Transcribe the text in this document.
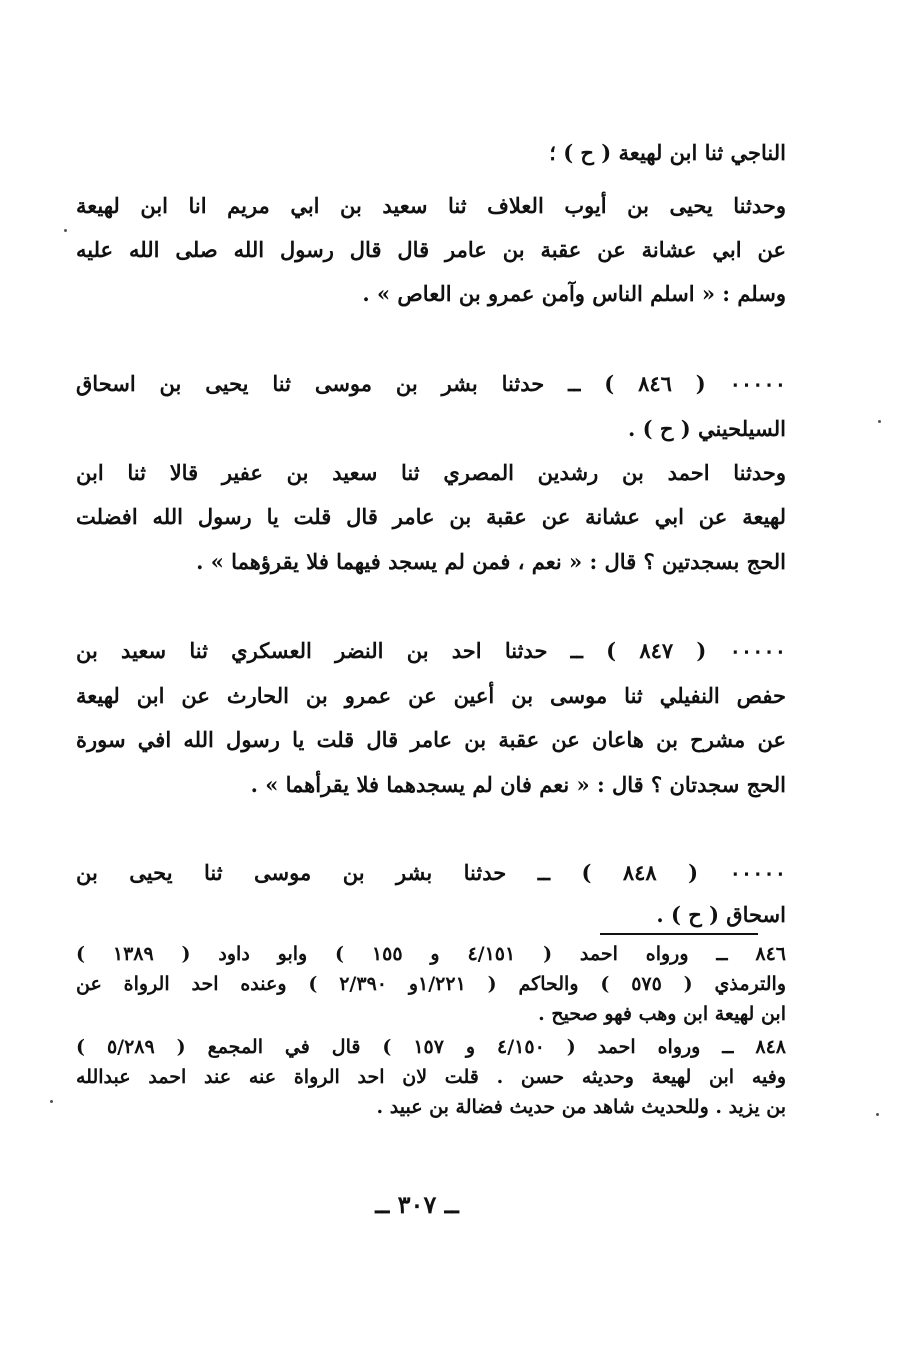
الناجي ثنا ابن لهيعة ( ح ) ؛
وحدثنا يحيى بن أيوب العلاف ثنا سعيد بن ابي مريم انا ابن لهيعة
عن ابي عشانة عن عقبة بن عامر قال قال رسول الله صلى الله عليه
وسلم : « اسلم الناس وآمن عمرو بن العاص » .
٠٠٠٠٠ ( ٨٤٦ ) ــ حدثنا بشر بن موسى ثنا يحيى بن اسحاق
السيلحيني ( ح ) .
وحدثنا احمد بن رشدين المصري ثنا سعيد بن عفير قالا ثنا ابن
لهيعة عن ابي عشانة عن عقبة بن عامر قال قلت يا رسول الله افضلت
الحج بسجدتين ؟ قال : « نعم ، فمن لم يسجد فيهما فلا يقرؤهما » .
٠٠٠٠٠ ( ٨٤٧ ) ــ حدثنا احد بن النضر العسكري ثنا سعيد بن
حفص النفيلي ثنا موسى بن أعين عن عمرو بن الحارث عن ابن لهيعة
عن مشرح بن هاعان عن عقبة بن عامر قال قلت يا رسول الله افي سورة
الحج سجدتان ؟ قال : « نعم فان لم يسجدهما فلا يقرأهما » .
٠٠٠٠٠ ( ٨٤٨ ) ــ حدثنا بشر بن موسى ثنا يحيى بن
اسحاق ( ح ) .
٨٤٦ ــ ورواه احمد ( ٤/١٥١ و ١٥٥ ) وابو داود ( ١٣٨٩ )
والترمذي ( ٥٧٥ ) والحاكم ( ١/٢٢١و ٢/٣٩٠ ) وعنده احد الرواة عن
ابن لهيعة ابن وهب فهو صحيح .
٨٤٨ ــ ورواه احمد ( ٤/١٥٠ و ١٥٧ ) قال في المجمع ( ٥/٢٨٩ )
وفيه ابن لهيعة وحديثه حسن . قلت لان احد الرواة عنه عند احمد عبدالله
بن يزيد . وللحديث شاهد من حديث فضالة بن عبيد .
ــ ٣٠٧ ــ
